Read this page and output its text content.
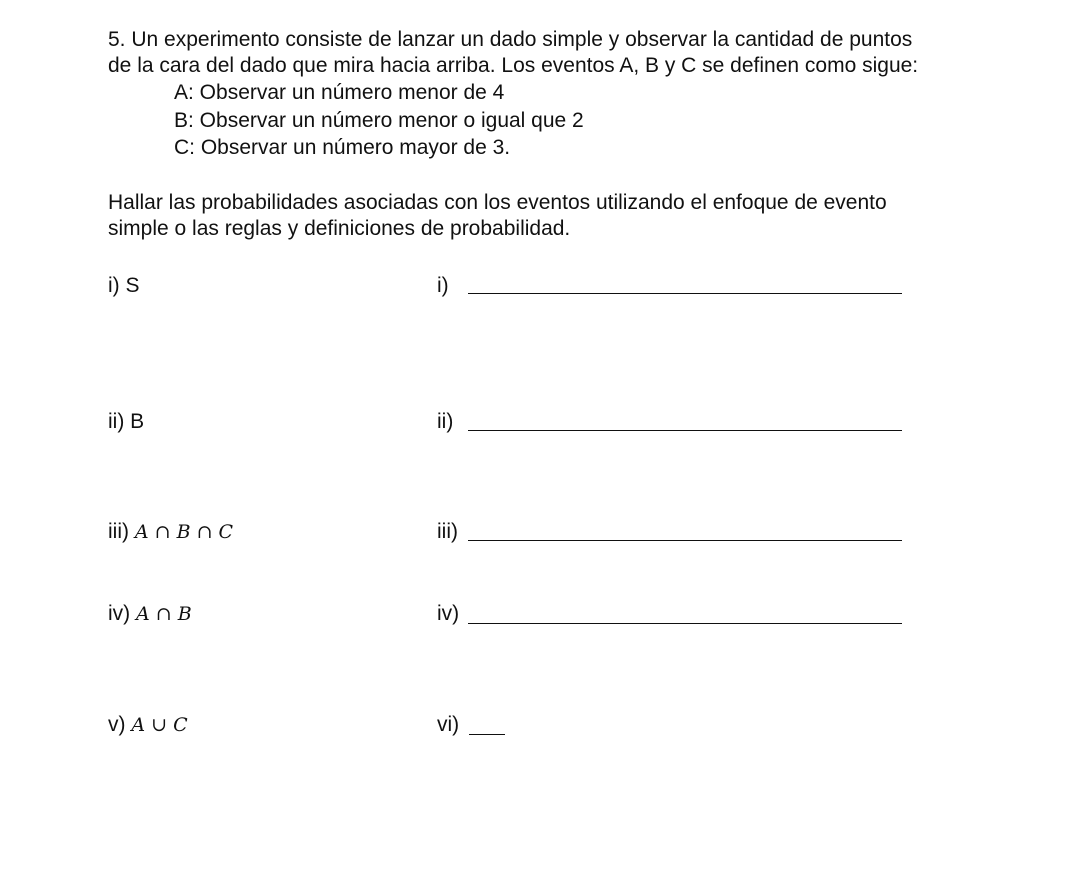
5. Un experimento consiste de lanzar un dado simple y observar la cantidad de puntos
de la cara del dado que mira hacia arriba. Los eventos A, B y C se definen como sigue:
A: Observar un número menor de 4
B: Observar un número menor o igual que 2
C: Observar un número mayor de 3.
Hallar las probabilidades asociadas con los eventos utilizando el enfoque de evento
simple o las reglas y definiciones de probabilidad.
i) S	i)
ii) B	ii)
iii) A ∩ B ∩ C	iii)
iv) A ∩ B	iv)
v) A ∪ C	vi)
